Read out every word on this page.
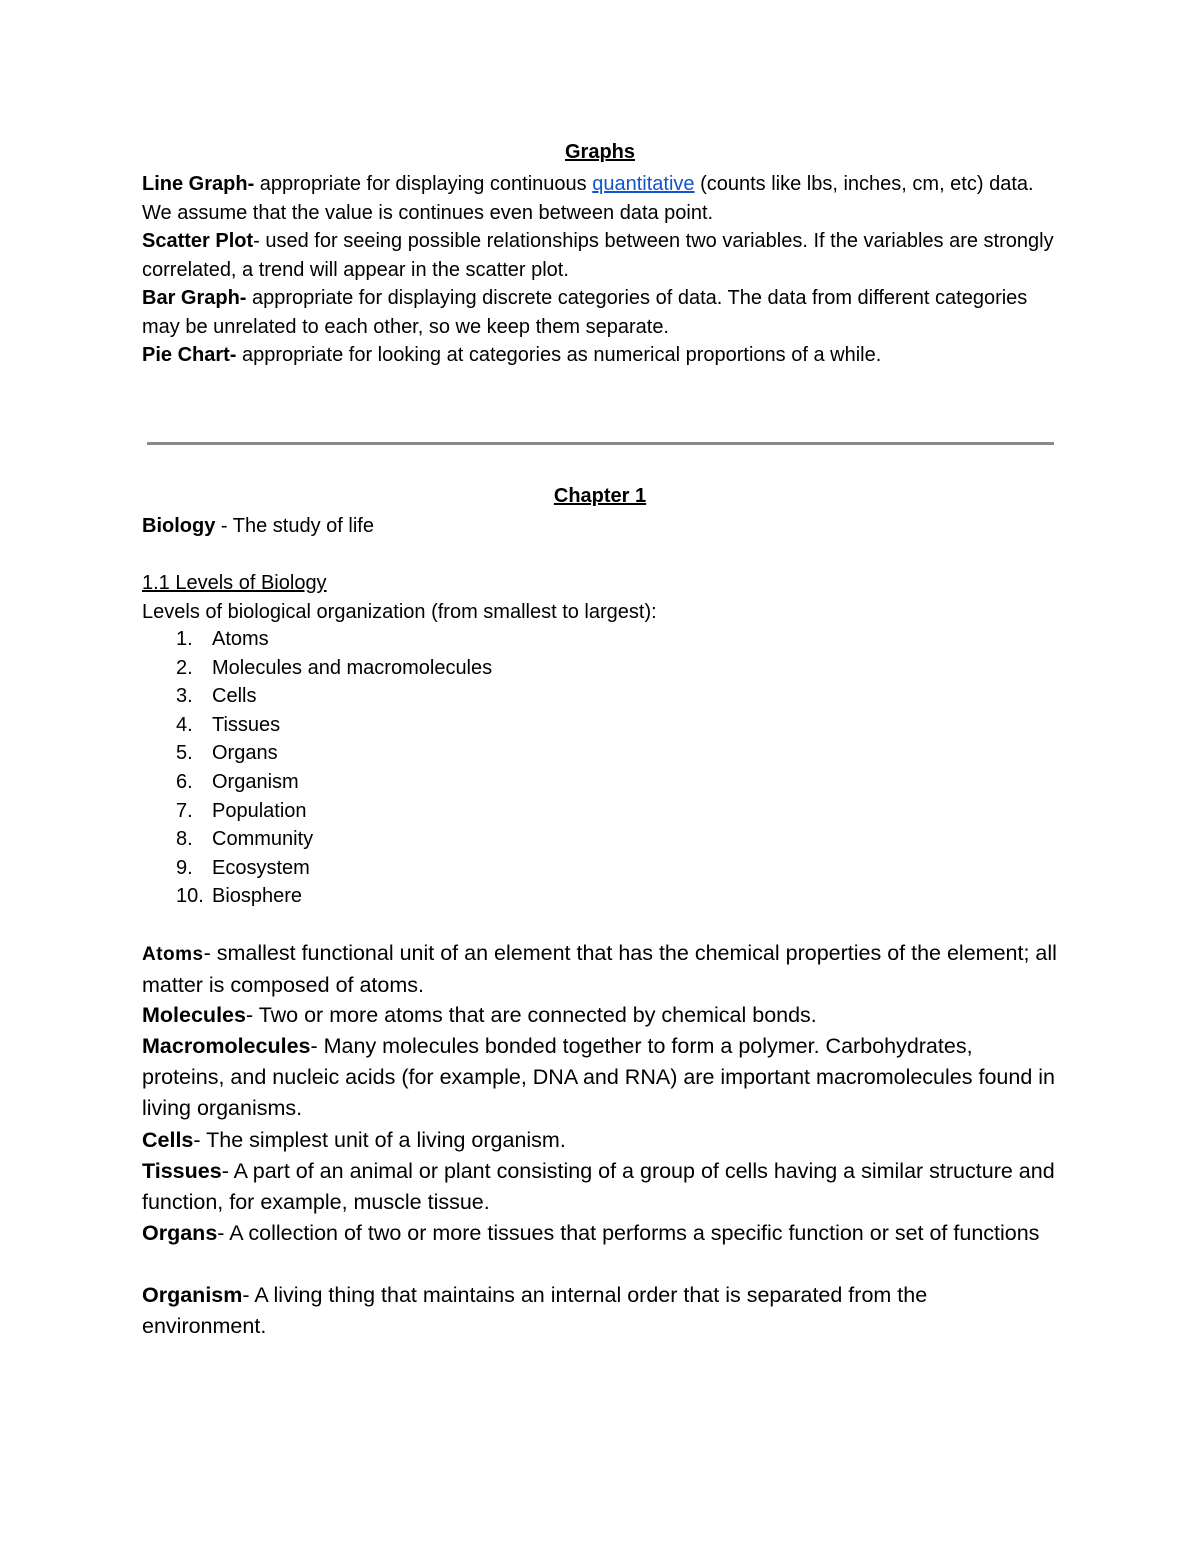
Graphs
Line Graph- appropriate for displaying continuous quantitative (counts like lbs, inches, cm, etc) data. We assume that the value is continues even between data point.
Scatter Plot- used for seeing possible relationships between two variables. If the variables are strongly correlated, a trend will appear in the scatter plot.
Bar Graph- appropriate for displaying discrete categories of data. The data from different categories may be unrelated to each other, so we keep them separate.
Pie Chart- appropriate for looking at categories as numerical proportions of a while.
Chapter 1
Biology - The study of life
1.1 Levels of Biology
Levels of biological organization (from smallest to largest):
1. Atoms
2. Molecules and macromolecules
3. Cells
4. Tissues
5. Organs
6. Organism
7. Population
8. Community
9. Ecosystem
10. Biosphere
Atoms- smallest functional unit of an element that has the chemical properties of the element; all matter is composed of atoms.
Molecules- Two or more atoms that are connected by chemical bonds.
Macromolecules- Many molecules bonded together to form a polymer. Carbohydrates, proteins, and nucleic acids (for example, DNA and RNA) are important macromolecules found in living organisms.
Cells- The simplest unit of a living organism.
Tissues- A part of an animal or plant consisting of a group of cells having a similar structure and function, for example, muscle tissue.
Organs- A collection of two or more tissues that performs a specific function or set of functions
Organism- A living thing that maintains an internal order that is separated from the environment.
